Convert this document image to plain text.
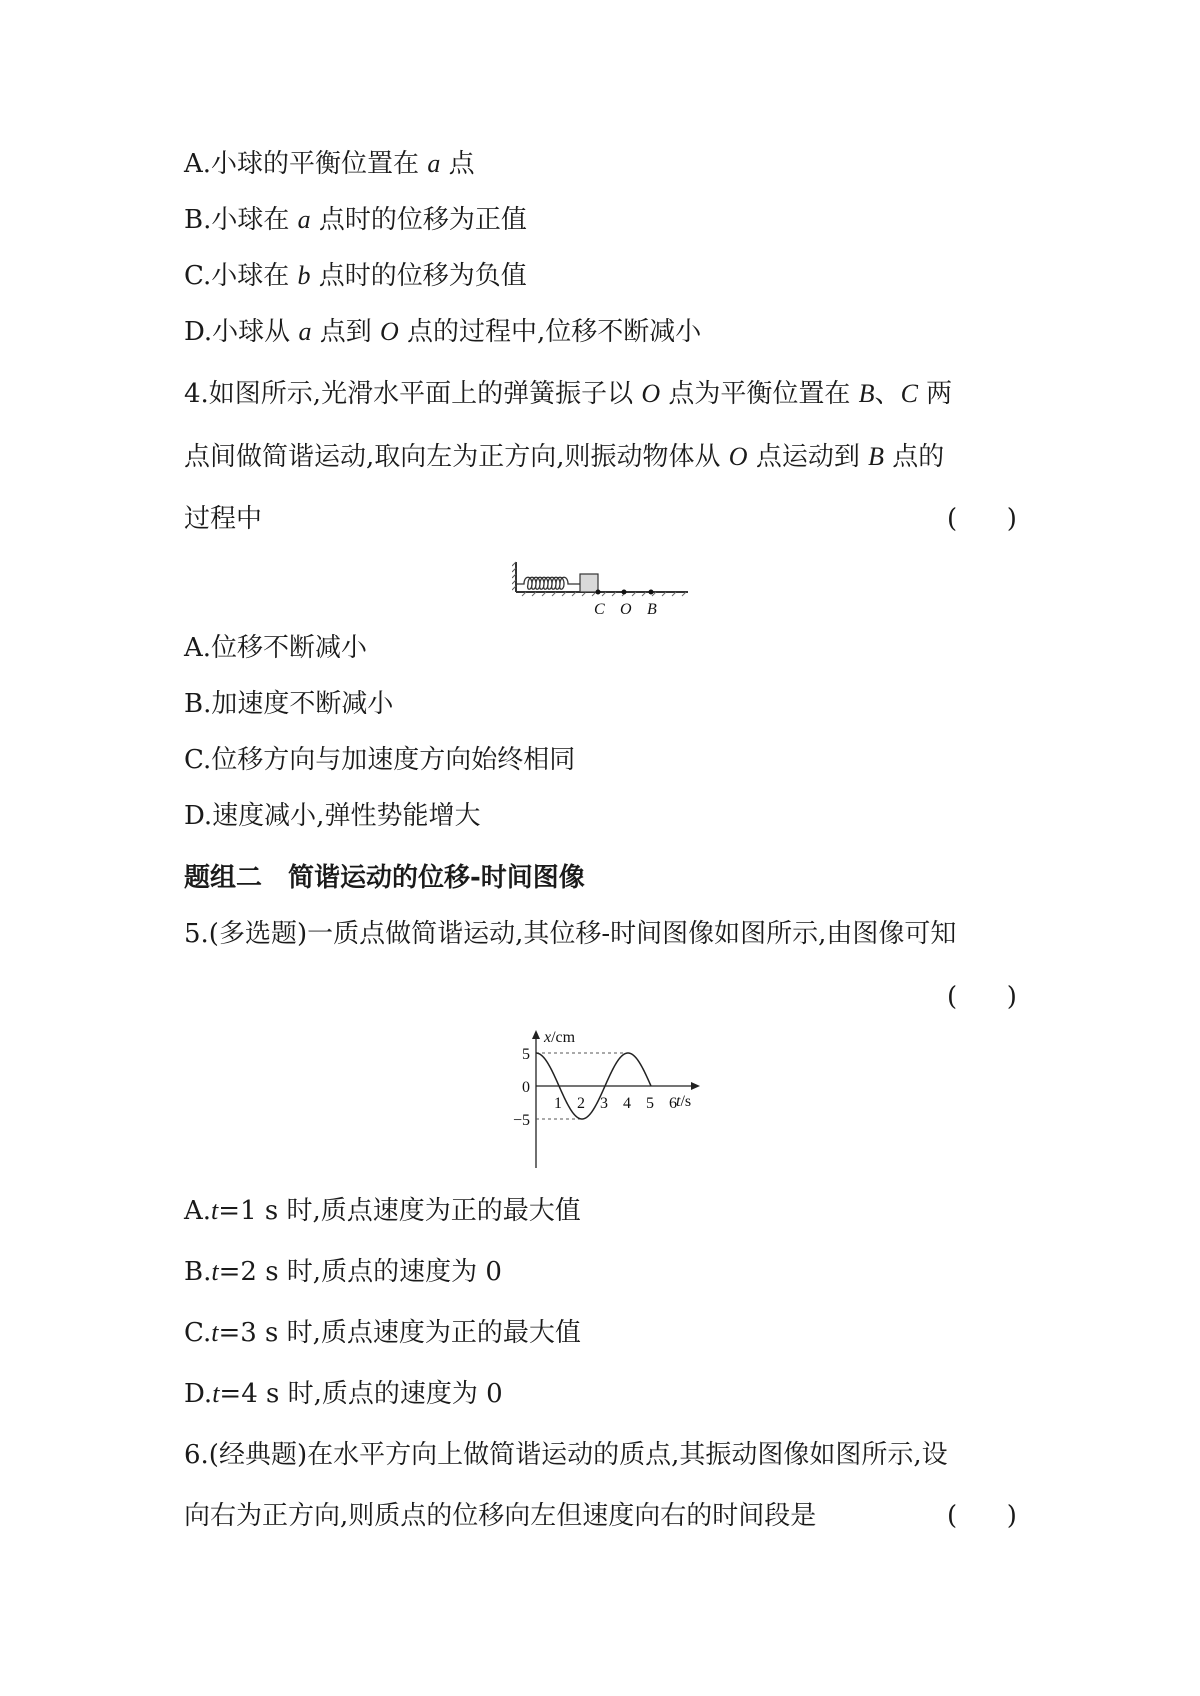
A.小球的平衡位置在 a 点
B.小球在 a 点时的位移为正值
C.小球在 b 点时的位移为负值
D.小球从 a 点到 O 点的过程中,位移不断减小
4.如图所示,光滑水平面上的弹簧振子以 O 点为平衡位置在 B、C 两
点间做简谐运动,取向左为正方向,则振动物体从 O 点运动到 B 点的
过程中	(      )
C O B
A.位移不断减小
B.加速度不断减小
C.位移方向与加速度方向始终相同
D.速度减小,弹性势能增大
题组二　简谐运动的位移-时间图像
5.(多选题)一质点做简谐运动,其位移-时间图像如图所示,由图像可知
(      )
x/cm
t/s
1 2 3 4 5 6
5
0
−5
A.t=1 s 时,质点速度为正的最大值
B.t=2 s 时,质点的速度为 0
C.t=3 s 时,质点速度为正的最大值
D.t=4 s 时,质点的速度为 0
6.(经典题)在水平方向上做简谐运动的质点,其振动图像如图所示,设
向右为正方向,则质点的位移向左但速度向右的时间段是	(      )
